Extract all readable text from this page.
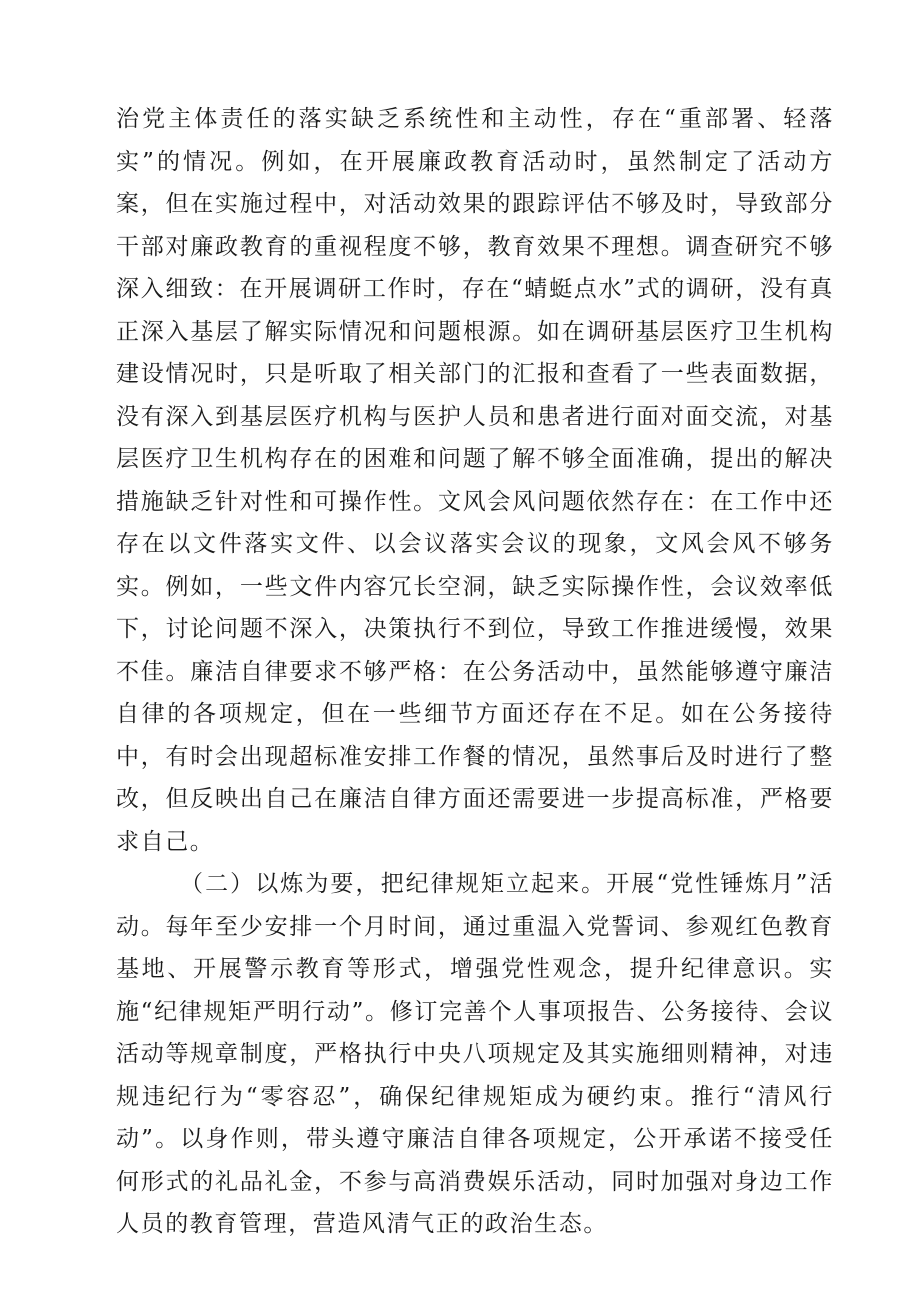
治党主体责任的落实缺乏系统性和主动性，存在“重部署、轻落实”的情况。例如，在开展廉政教育活动时，虽然制定了活动方案，但在实施过程中，对活动效果的跟踪评估不够及时，导致部分干部对廉政教育的重视程度不够，教育效果不理想。调查研究不够深入细致：在开展调研工作时，存在“蜻蜓点水”式的调研，没有真正深入基层了解实际情况和问题根源。如在调研基层医疗卫生机构建设情况时，只是听取了相关部门的汇报和查看了一些表面数据，没有深入到基层医疗机构与医护人员和患者进行面对面交流，对基层医疗卫生机构存在的困难和问题了解不够全面准确，提出的解决措施缺乏针对性和可操作性。文风会风问题依然存在：在工作中还存在以文件落实文件、以会议落实会议的现象，文风会风不够务实。例如，一些文件内容冗长空洞，缺乏实际操作性，会议效率低下，讨论问题不深入，决策执行不到位，导致工作推进缓慢，效果不佳。廉洁自律要求不够严格：在公务活动中，虽然能够遵守廉洁自律的各项规定，但在一些细节方面还存在不足。如在公务接待中，有时会出现超标准安排工作餐的情况，虽然事后及时进行了整改，但反映出自己在廉洁自律方面还需要进一步提高标准，严格要求自己。

（二）以炼为要，把纪律规矩立起来。开展“党性锤炼月”活动。每年至少安排一个月时间，通过重温入党誓词、参观红色教育基地、开展警示教育等形式，增强党性观念，提升纪律意识。实施“纪律规矩严明行动”。修订完善个人事项报告、公务接待、会议活动等规章制度，严格执行中央八项规定及其实施细则精神，对违规违纪行为“零容忍”，确保纪律规矩成为硬约束。推行“清风行动”。以身作则，带头遵守廉洁自律各项规定，公开承诺不接受任何形式的礼品礼金，不参与高消费娱乐活动，同时加强对身边工作人员的教育管理，营造风清气正的政治生态。
